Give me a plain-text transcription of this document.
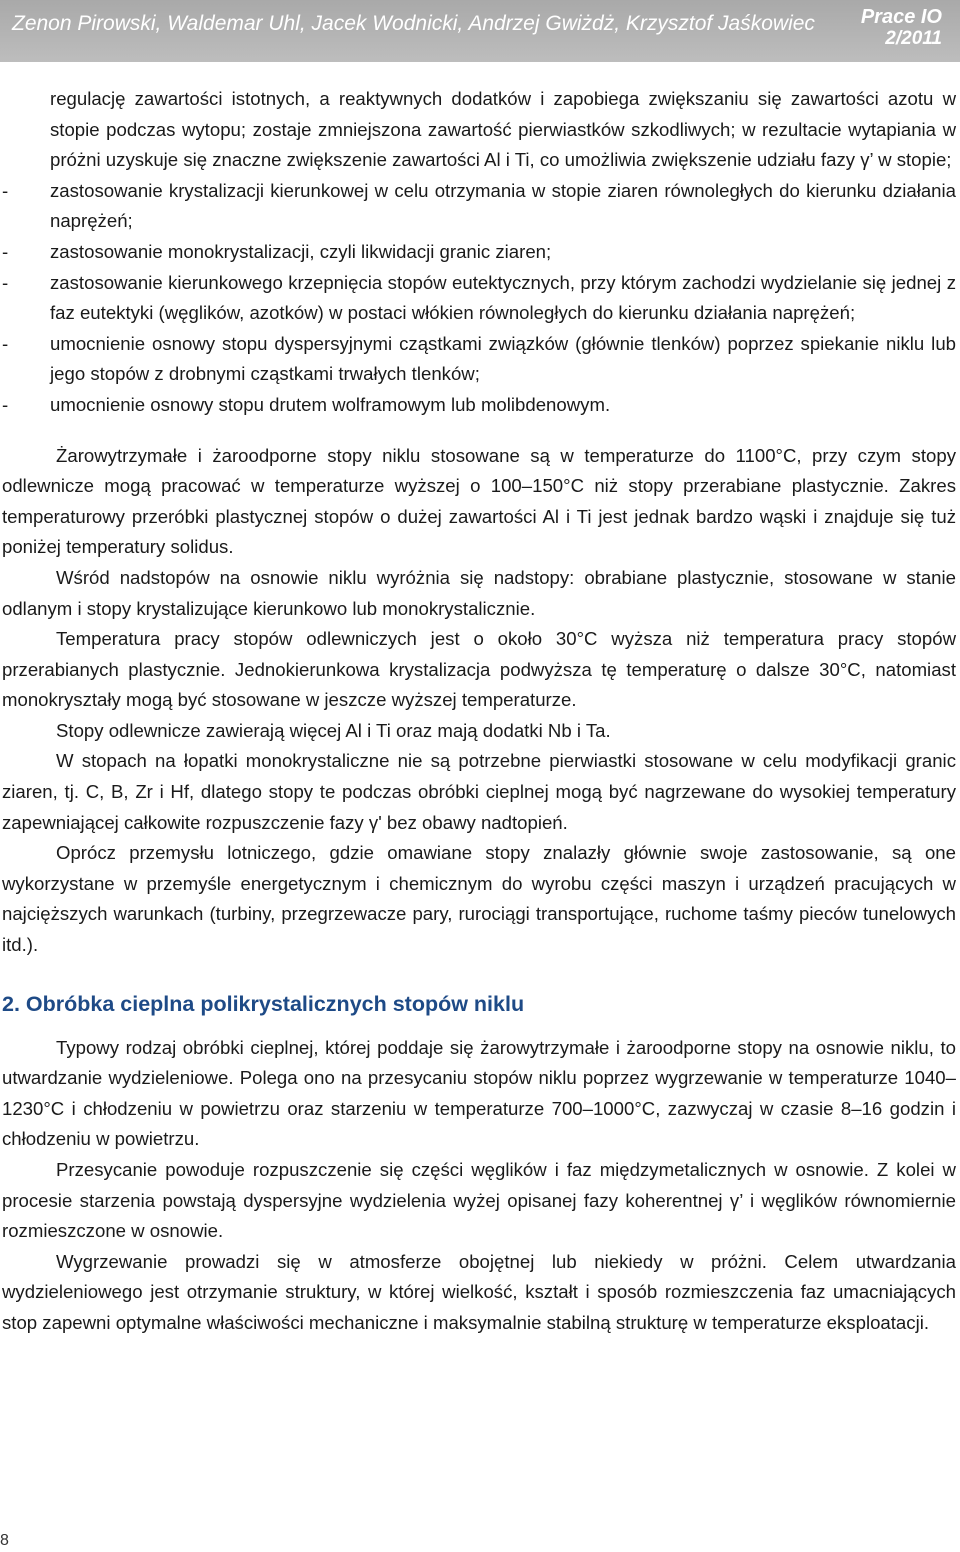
Zenon Pirowski, Waldemar Uhl, Jacek Wodnicki, Andrzej Gwiżdż, Krzysztof Jaśkowiec Prace IO
2/2011

regulację zawartości istotnych, a reaktywnych dodatków i zapobiega zwiększaniu się zawartości azotu w stopie podczas wytopu; zostaje zmniejszona zawartość pierwiastków szkodliwych; w rezultacie wytapiania w próżni uzyskuje się znaczne zwiększenie zawartości Al i Ti, co umożliwia zwiększenie udziału fazy γ’ w stopie;

- zastosowanie krystalizacji kierunkowej w celu otrzymania w stopie ziaren równoległych do kierunku działania naprężeń;
- zastosowanie monokrystalizacji, czyli likwidacji granic ziaren;
- zastosowanie kierunkowego krzepnięcia stopów eutektycznych, przy którym zachodzi wydzielanie się jednej z faz eutektyki (węglików, azotków) w postaci włókien równoległych do kierunku działania naprężeń;
- umocnienie osnowy stopu dyspersyjnymi cząstkami związków (głównie tlenków) poprzez spiekanie niklu lub jego stopów z drobnymi cząstkami trwałych tlenków;
- umocnienie osnowy stopu drutem wolframowym lub molibdenowym.

Żarowytrzymałe i żaroodporne stopy niklu stosowane są w temperaturze do 1100°C, przy czym stopy odlewnicze mogą pracować w temperaturze wyższej o 100–150°C niż stopy przerabiane plastycznie. Zakres temperaturowy przeróbki plastycznej stopów o dużej zawartości Al i Ti jest jednak bardzo wąski i znajduje się tuż poniżej temperatury solidus.

Wśród nadstopów na osnowie niklu wyróżnia się nadstopy: obrabiane plastycznie, stosowane w stanie odlanym i stopy krystalizujące kierunkowo lub monokrystalicznie.

Temperatura pracy stopów odlewniczych jest o około 30°C wyższa niż temperatura pracy stopów przerabianych plastycznie. Jednokierunkowa krystalizacja podwyższa tę temperaturę o dalsze 30°C, natomiast monokryształy mogą być stosowane w jeszcze wyższej temperaturze.

Stopy odlewnicze zawierają więcej Al i Ti oraz mają dodatki Nb i Ta.

W stopach na łopatki monokrystaliczne nie są potrzebne pierwiastki stosowane w celu modyfikacji granic ziaren, tj. C, B, Zr i Hf, dlatego stopy te podczas obróbki cieplnej mogą być nagrzewane do wysokiej temperatury zapewniającej całkowite rozpuszczenie fazy γ' bez obawy nadtopień.

Oprócz przemysłu lotniczego, gdzie omawiane stopy znalazły głównie swoje zastosowanie, są one wykorzystane w przemyśle energetycznym i chemicznym do wyrobu części maszyn i urządzeń pracujących w najcięższych warunkach (turbiny, przegrzewacze pary, rurociągi transportujące, ruchome taśmy pieców tunelowych itd.).

2. Obróbka cieplna polikrystalicznych stopów niklu

Typowy rodzaj obróbki cieplnej, której poddaje się żarowytrzymałe i żaroodporne stopy na osnowie niklu, to utwardzanie wydzieleniowe. Polega ono na przesycaniu stopów niklu poprzez wygrzewanie w temperaturze 1040–1230°C i chłodzeniu w powietrzu oraz starzeniu w temperaturze 700–1000°C, zazwyczaj w czasie 8–16 godzin i chłodzeniu w powietrzu.

Przesycanie powoduje rozpuszczenie się części węglików i faz międzymetalicznych w osnowie. Z kolei w procesie starzenia powstają dyspersyjne wydzielenia wyżej opisanej fazy koherentnej γ’ i węglików równomiernie rozmieszczone w osnowie.

Wygrzewanie prowadzi się w atmosferze obojętnej lub niekiedy w próżni. Celem utwardzania wydzieleniowego jest otrzymanie struktury, w której wielkość, kształt i sposób rozmieszczenia faz umacniających stop zapewni optymalne właściwości mechaniczne i maksymalnie stabilną strukturę w temperaturze eksploatacji.

8
